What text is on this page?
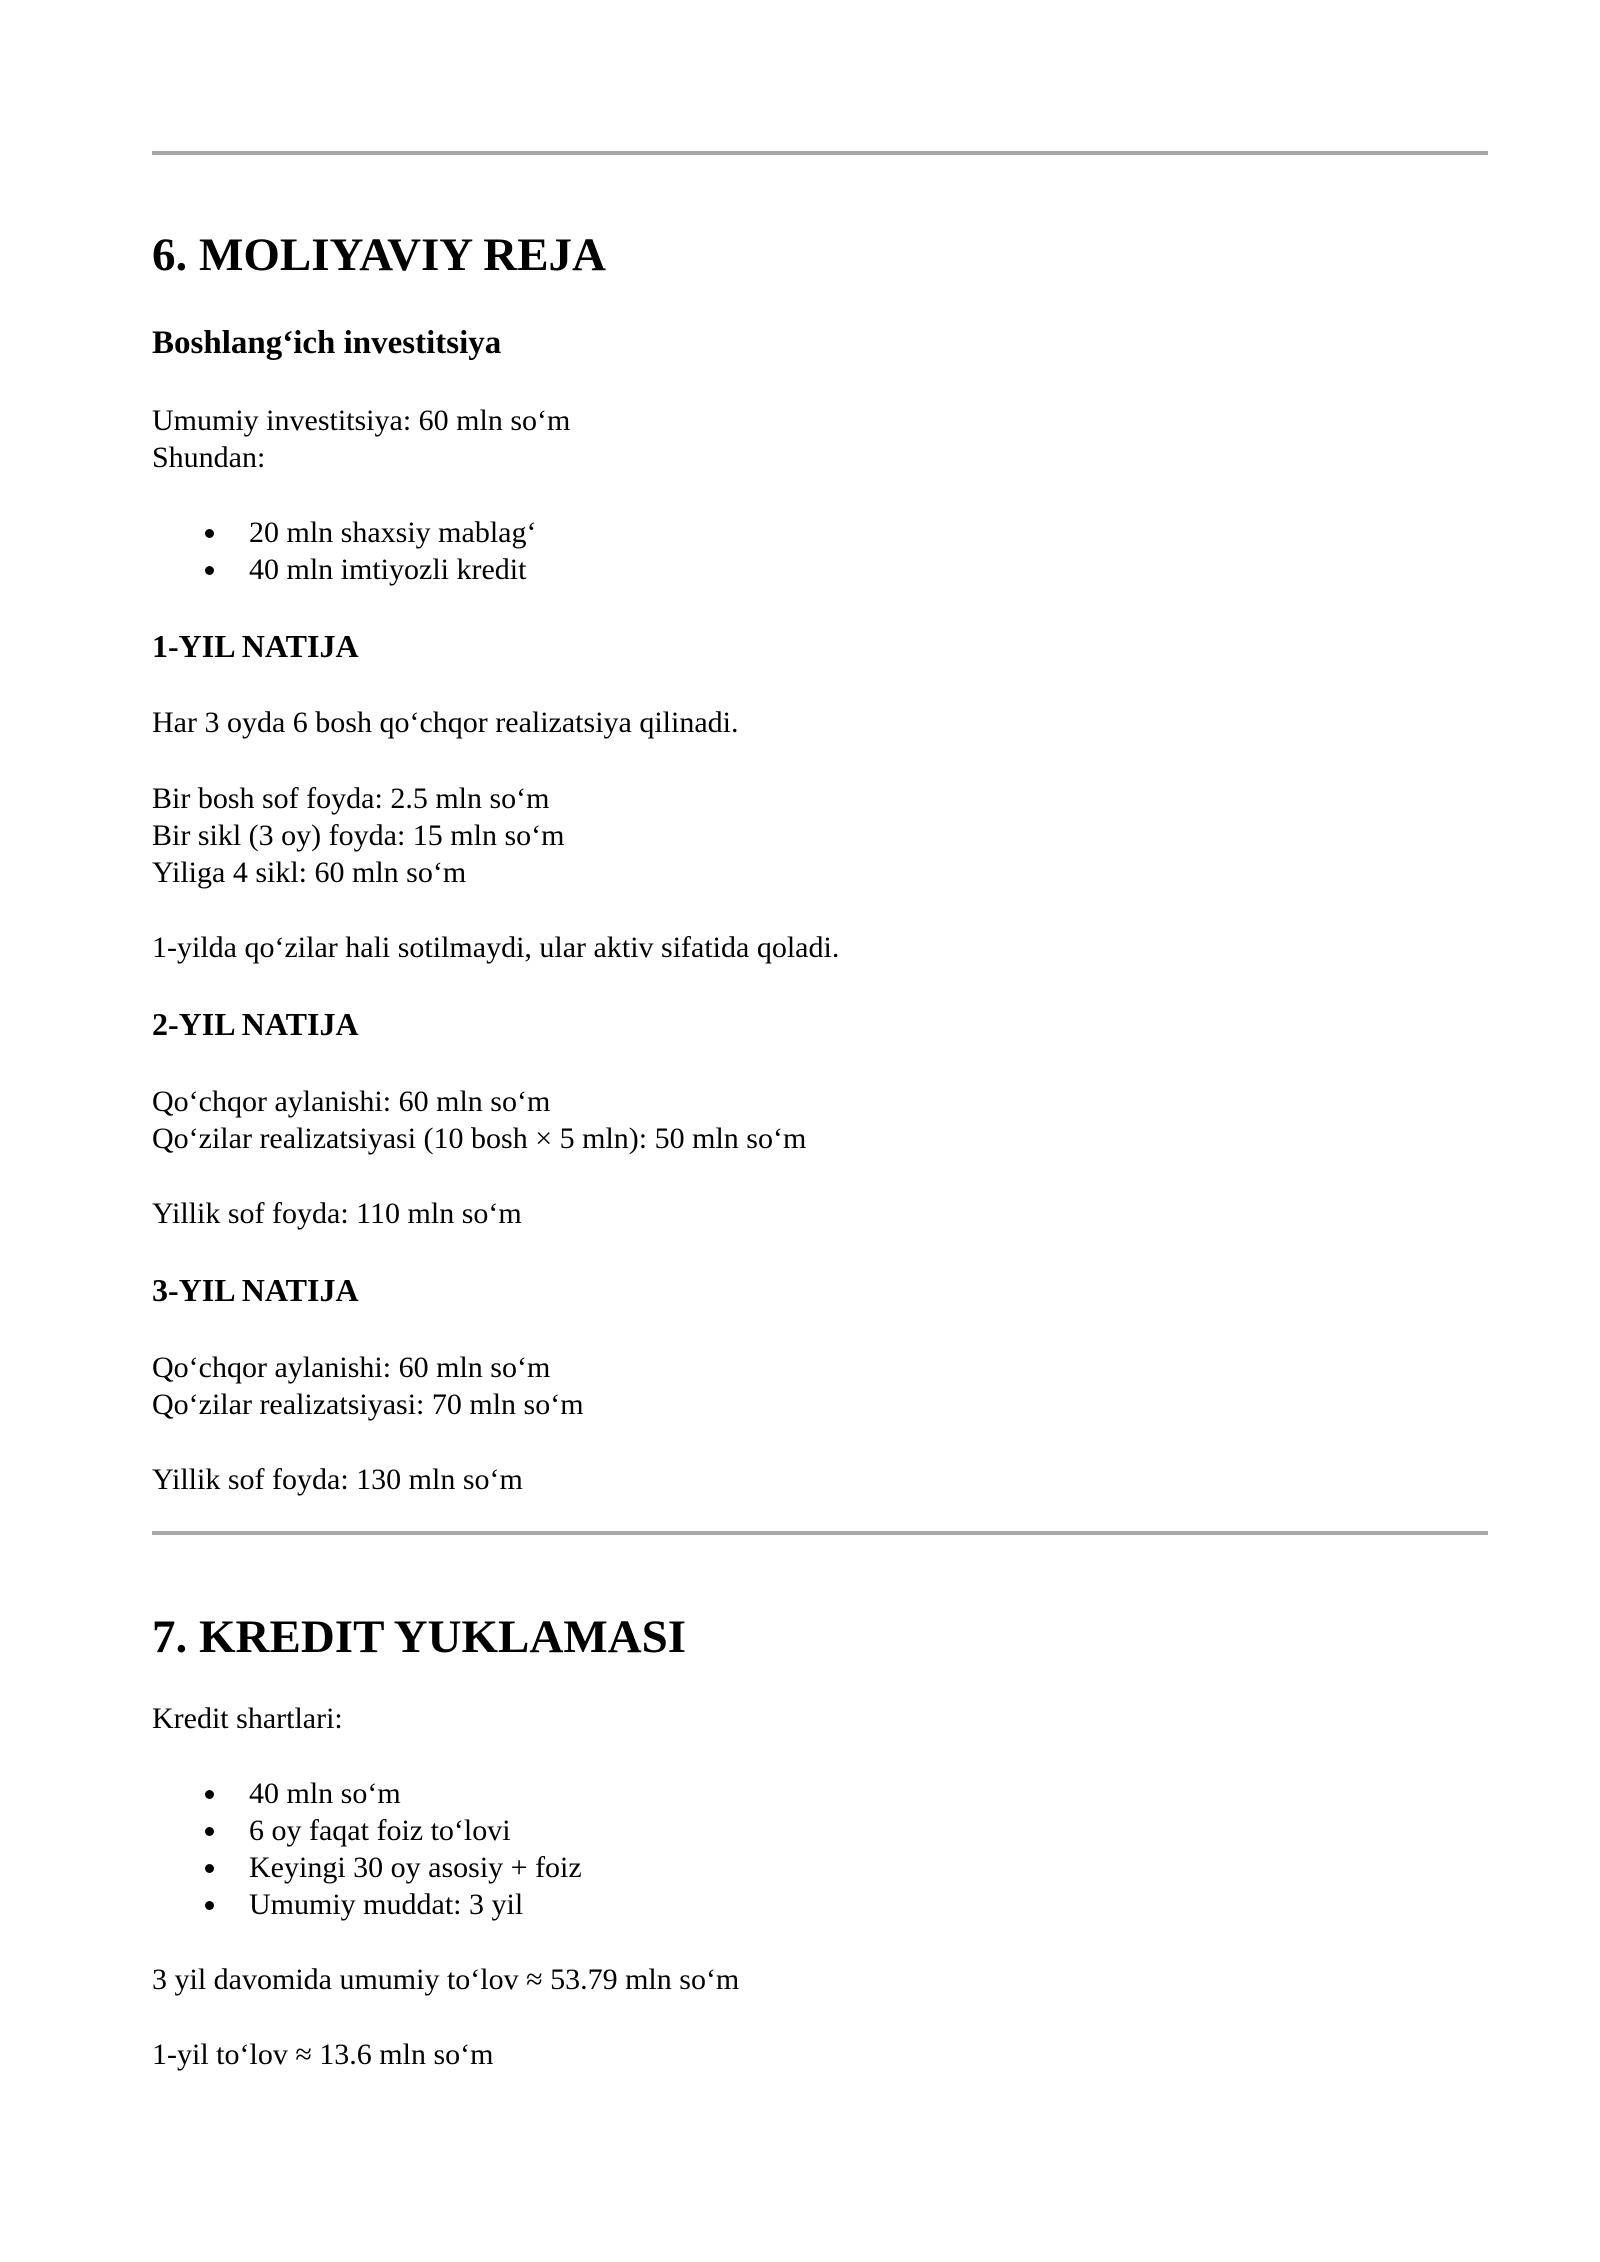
6. MOLIYAVIY REJA
Boshlang‘ich investitsiya

Umumiy investitsiya: 60 mln so‘m

Shundan:

20 mln shaxsiy mablag‘
40 mln imtiyozli kredit
1-YIL NATIJA

Har 3 oyda 6 bosh qo‘chqor realizatsiya qilinadi.

Bir bosh sof foyda: 2.5 mln so‘m

Bir sikl (3 oy) foyda: 15 mln so‘m

Yiliga 4 sikl: 60 mln so‘m

1-yilda qo‘zilar hali sotilmaydi, ular aktiv sifatida qoladi.

2-YIL NATIJA

Qo‘chqor aylanishi: 60 mln so‘m

Qo‘zilar realizatsiyasi (10 bosh × 5 mln): 50 mln so‘m

Yillik sof foyda: 110 mln so‘m

3-YIL NATIJA

Qo‘chqor aylanishi: 60 mln so‘m

Qo‘zilar realizatsiyasi: 70 mln so‘m

Yillik sof foyda: 130 mln so‘m

7. KREDIT YUKLAMASI

Kredit shartlari:

40 mln so‘m
6 oy faqat foiz to‘lovi
Keyingi 30 oy asosiy + foiz
Umumiy muddat: 3 yil

3 yil davomida umumiy to‘lov ≈ 53.79 mln so‘m

1-yil to‘lov ≈ 13.6 mln so‘m
